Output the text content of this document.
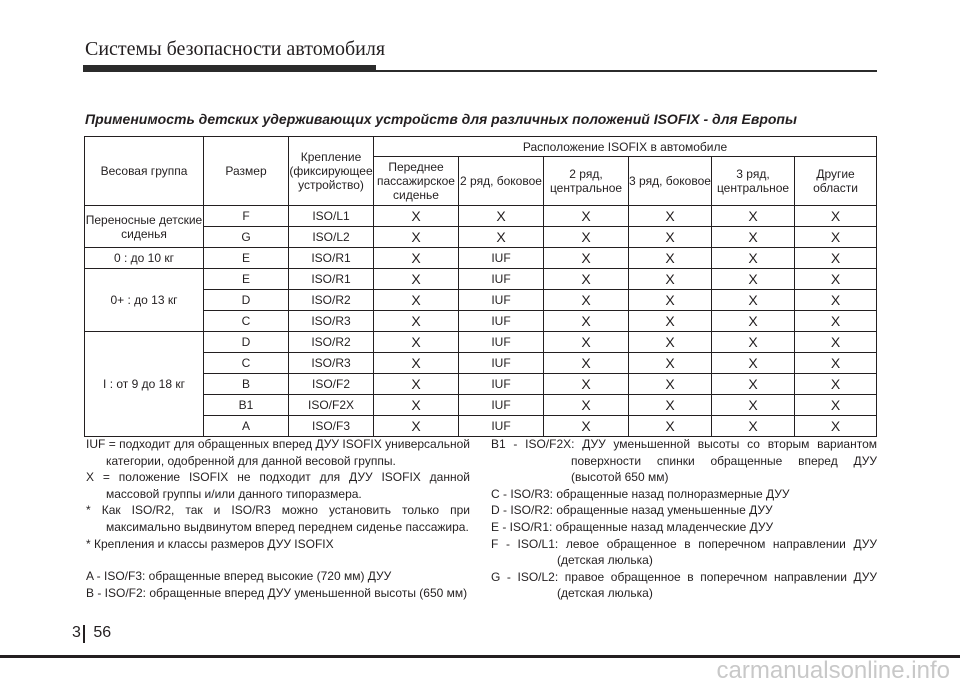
Системы безопасности автомобиля
Применимость детских удерживающих устройств для различных положений ISOFIX - для Европы
Весовая группа	Размер	Крепление (фиксирующее устройство)	Расположение ISOFIX в автомобиле					
			Переднее пассажирское сиденье	2 ряд, боковое	2 ряд, центральное	3 ряд, боковое	3 ряд, центральное	Другие области
Переносные детские сиденья	F	ISO/L1	X	X	X	X	X	X
	G	ISO/L2	X	X	X	X	X	X
0 : до 10 кг	E	ISO/R1	X	IUF	X	X	X	X
0+ : до 13 кг	E	ISO/R1	X	IUF	X	X	X	X
	D	ISO/R2	X	IUF	X	X	X	X
	C	ISO/R3	X	IUF	X	X	X	X
I : от 9 до 18 кг	D	ISO/R2	X	IUF	X	X	X	X
	C	ISO/R3	X	IUF	X	X	X	X
	B	ISO/F2	X	IUF	X	X	X	X
	B1	ISO/F2X	X	IUF	X	X	X	X
	A	ISO/F3	X	IUF	X	X	X	X
IUF = подходит для обращенных вперед ДУУ ISOFIX универсальной категории, одобренной для данной весовой группы.
X = положение ISOFIX не подходит для ДУУ ISOFIX данной массовой группы и/или данного типоразмера.
* Как ISO/R2, так и ISO/R3 можно установить только при максимально выдвинутом вперед переднем сиденье пассажира.
* Крепления и классы размеров ДУУ ISOFIX
A - ISO/F3: обращенные вперед высокие (720 мм) ДУУ
B - ISO/F2: обращенные вперед ДУУ уменьшенной высоты (650 мм)
B1 - ISO/F2X: ДУУ уменьшенной высоты со вторым вариантом поверхности спинки обращенные вперед ДУУ (высотой 650 мм)
C - ISO/R3: обращенные назад полноразмерные ДУУ
D - ISO/R2: обращенные назад уменьшенные ДУУ
E - ISO/R1: обращенные назад младенческие ДУУ
F - ISO/L1: левое обращенное в поперечном направлении ДУУ (детская люлька)
G - ISO/L2: правое обращенное в поперечном направлении ДУУ (детская люлька)
3 56
carmanualsonline.info
